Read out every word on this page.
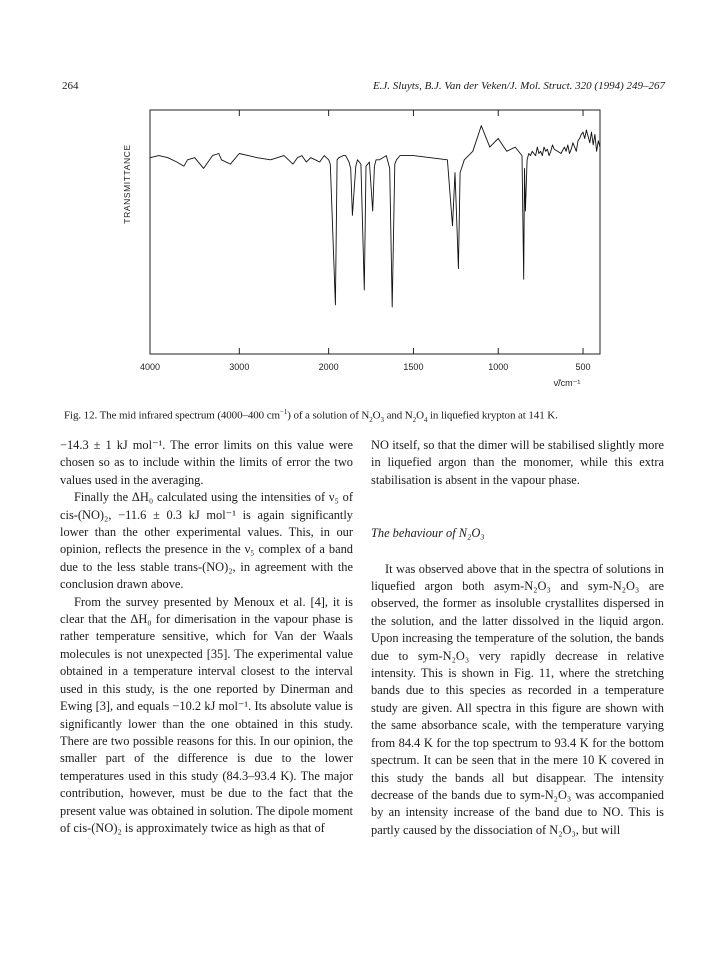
264	E.J. Sluyts, B.J. Van der Veken/J. Mol. Struct. 320 (1994) 249–267
TRANSMITTANCE
4000	3000	2000	1500	1000	500
ν̃/cm⁻¹
Fig. 12. The mid infrared spectrum (4000–400 $cm^{-1}$) of a solution of $N_2O_3$ and $N_2O_4$ in liquefied krypton at 141 K.

−14.3 ± 1 kJ mol⁻¹. The error limits on this value were chosen so as to include within the limits of error the two values used in the averaging.

Finally the ΔH₀ calculated using the intensities of ν₅ of cis-(NO)₂, −11.6 ± 0.3 kJ mol⁻¹ is again significantly lower than the other experimental values. This, in our opinion, reflects the presence in the ν₅ complex of a band due to the less stable trans-(NO)₂, in agreement with the conclusion drawn above.

From the survey presented by Menoux et al. [4], it is clear that the ΔH₀ for dimerisation in the vapour phase is rather temperature sensitive, which for Van der Waals molecules is not unexpected [35]. The experimental value obtained in a temperature interval closest to the interval used in this study, is the one reported by Dinerman and Ewing [3], and equals −10.2 kJ mol⁻¹. Its absolute value is significantly lower than the one obtained in this study. There are two possible reasons for this. In our opinion, the smaller part of the difference is due to the lower temperatures used in this study (84.3–93.4 K). The major contribution, however, must be due to the fact that the present value was obtained in solution. The dipole moment of cis-(NO)₂ is approximately twice as high as that of

NO itself, so that the dimer will be stabilised slightly more in liquefied argon than the monomer, while this extra stabilisation is absent in the vapour phase.

The behaviour of N₂O₃

It was observed above that in the spectra of solutions in liquefied argon both asym-N₂O₃ and sym-N₂O₃ are observed, the former as insoluble crystallites dispersed in the solution, and the latter dissolved in the liquid argon. Upon increasing the temperature of the solution, the bands due to sym-N₂O₃ very rapidly decrease in relative intensity. This is shown in Fig. 11, where the stretching bands due to this species as recorded in a temperature study are given. All spectra in this figure are shown with the same absorbance scale, with the temperature varying from 84.4 K for the top spectrum to 93.4 K for the bottom spectrum. It can be seen that in the mere 10 K covered in this study the bands all but disappear. The intensity decrease of the bands due to sym-N₂O₃ was accompanied by an intensity increase of the band due to NO. This is partly caused by the dissociation of N₂O₃, but will
